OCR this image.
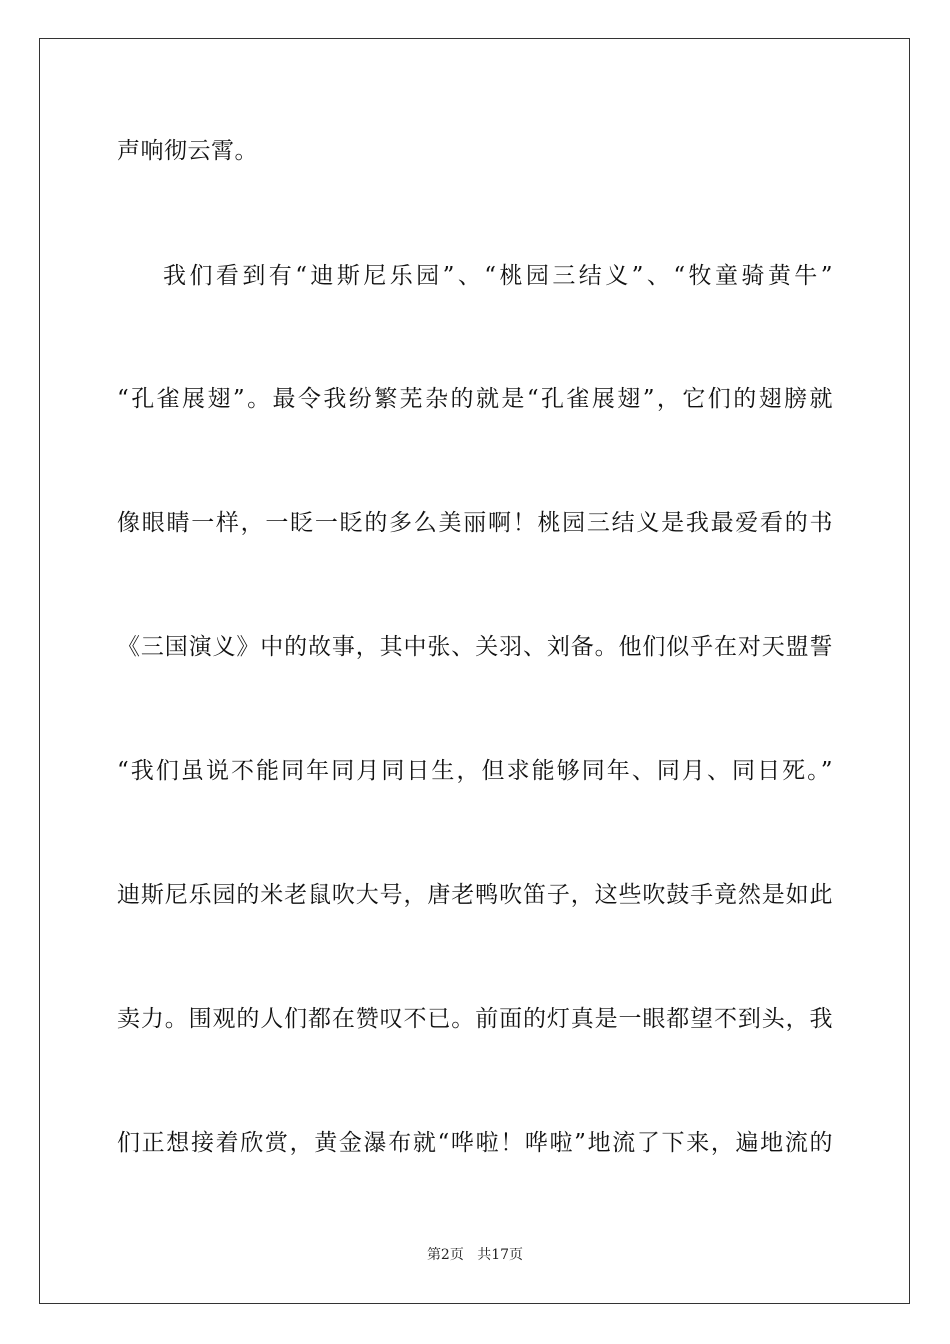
声响彻云霄。
我们看到有“迪斯尼乐园”、“桃园三结义”、“牧童骑黄牛”
“孔雀展翅”。最令我纷繁芜杂的就是“孔雀展翅”，它们的翅膀就
像眼睛一样，一眨一眨的多么美丽啊！桃园三结义是我最爱看的书
《三国演义》中的故事，其中张、关羽、刘备。他们似乎在对天盟誓
“我们虽说不能同年同月同日生，但求能够同年、同月、同日死。”
迪斯尼乐园的米老鼠吹大号，唐老鸭吹笛子，这些吹鼓手竟然是如此
卖力。围观的人们都在赞叹不已。前面的灯真是一眼都望不到头，我
们正想接着欣赏，黄金瀑布就“哗啦！哗啦”地流了下来，遍地流的
第2页 共17页
